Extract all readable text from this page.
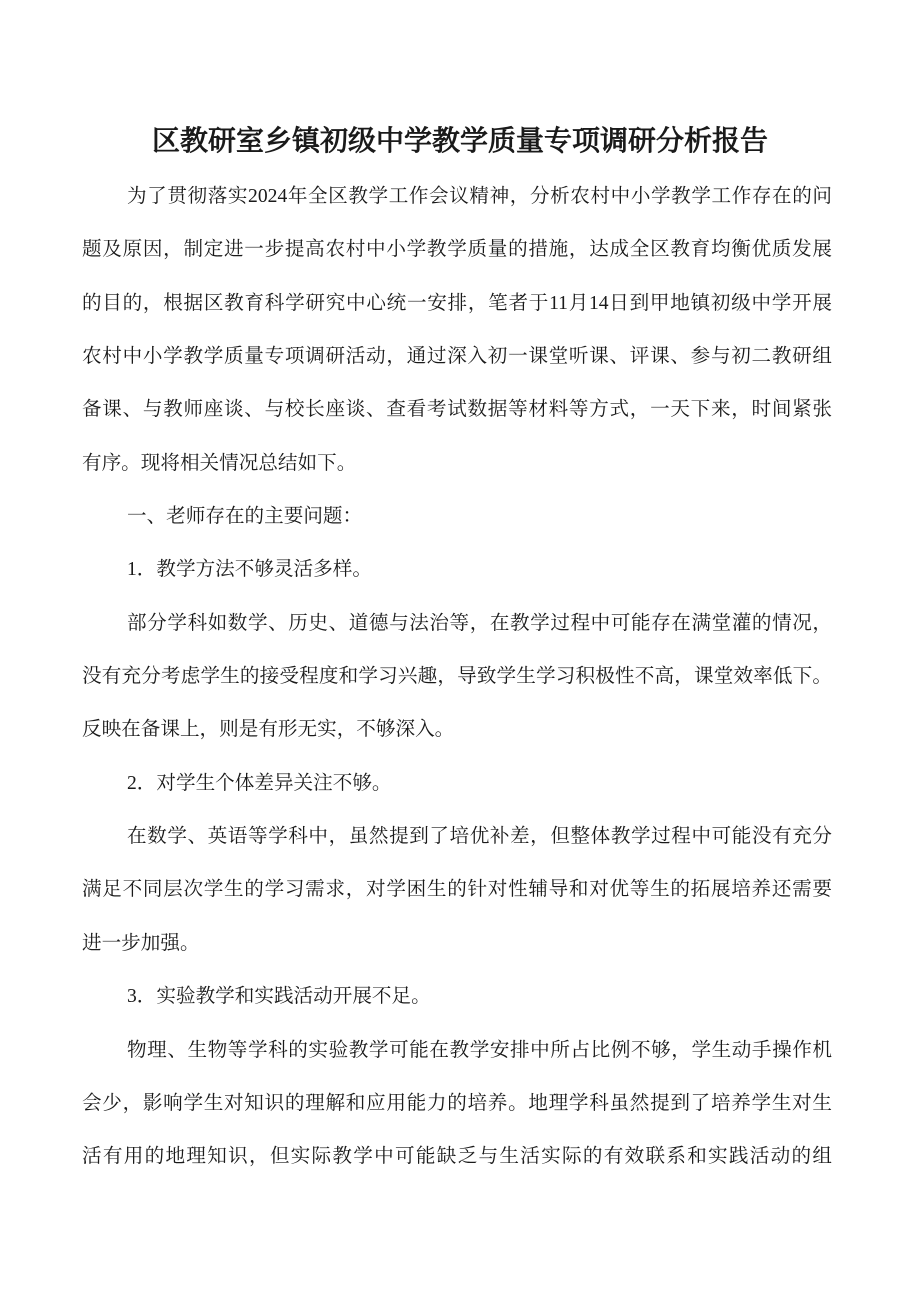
区教研室乡镇初级中学教学质量专项调研分析报告
为了贯彻落实2024年全区教学工作会议精神，分析农村中小学教学工作存在的问
题及原因，制定进一步提高农村中小学教学质量的措施，达成全区教育均衡优质发展
的目的，根据区教育科学研究中心统一安排，笔者于11月14日到甲地镇初级中学开展
农村中小学教学质量专项调研活动，通过深入初一课堂听课、评课、参与初二教研组
备课、与教师座谈、与校长座谈、查看考试数据等材料等方式，一天下来，时间紧张
有序。现将相关情况总结如下。
一、老师存在的主要问题：
1．教学方法不够灵活多样。
部分学科如数学、历史、道德与法治等，在教学过程中可能存在满堂灌的情况，
没有充分考虑学生的接受程度和学习兴趣，导致学生学习积极性不高，课堂效率低下。
反映在备课上，则是有形无实，不够深入。
2．对学生个体差异关注不够。
在数学、英语等学科中，虽然提到了培优补差，但整体教学过程中可能没有充分
满足不同层次学生的学习需求，对学困生的针对性辅导和对优等生的拓展培养还需要
进一步加强。
3．实验教学和实践活动开展不足。
物理、生物等学科的实验教学可能在教学安排中所占比例不够，学生动手操作机
会少，影响学生对知识的理解和应用能力的培养。地理学科虽然提到了培养学生对生
活有用的地理知识，但实际教学中可能缺乏与生活实际的有效联系和实践活动的组
